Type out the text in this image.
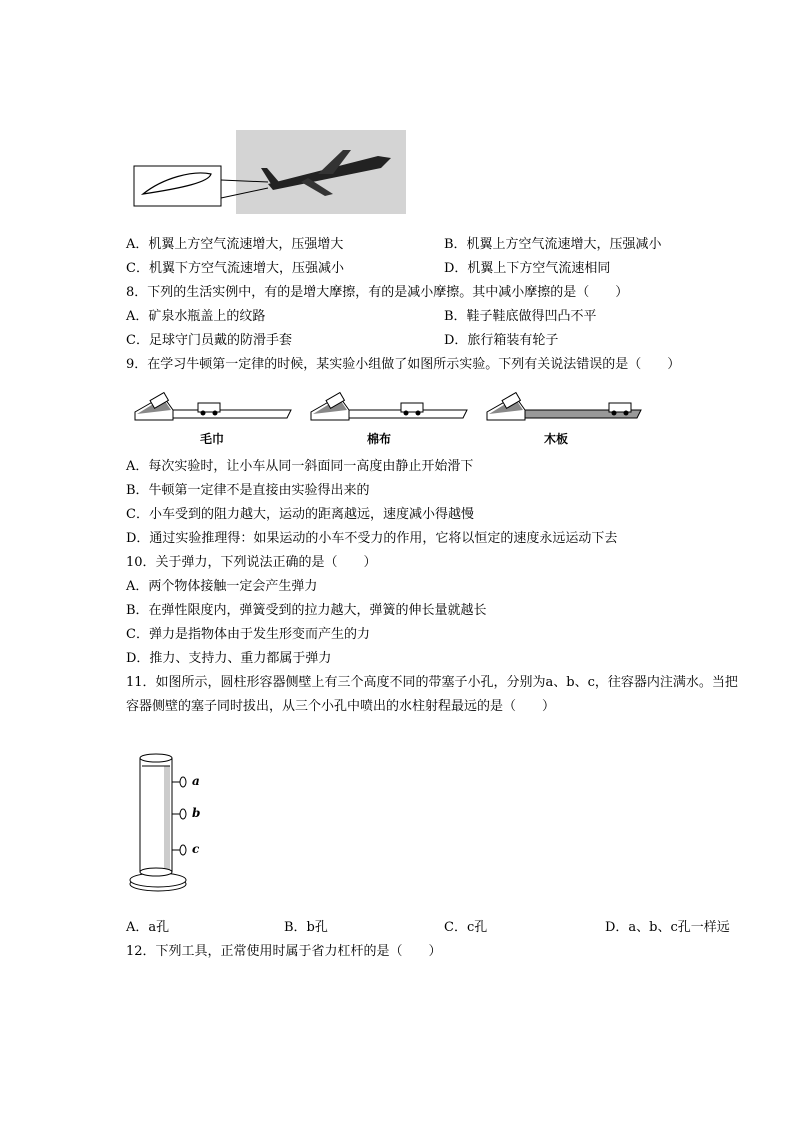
A．机翼上方空气流速增大，压强增大	B．机翼上方空气流速增大，压强减小
C．机翼下方空气流速增大，压强减小	D．机翼上下方空气流速相同
8．下列的生活实例中，有的是增大摩擦，有的是减小摩擦。其中减小摩擦的是（　　）
A．矿泉水瓶盖上的纹路	B．鞋子鞋底做得凹凸不平
C．足球守门员戴的防滑手套	D．旅行箱装有轮子
9．在学习牛顿第一定律的时候，某实验小组做了如图所示实验。下列有关说法错误的是（　　）
毛巾	棉布	木板
A．每次实验时，让小车从同一斜面同一高度由静止开始滑下
B．牛顿第一定律不是直接由实验得出来的
C．小车受到的阻力越大，运动的距离越远，速度减小得越慢
D．通过实验推理得：如果运动的小车不受力的作用，它将以恒定的速度永远运动下去
10．关于弹力，下列说法正确的是（　　）
A．两个物体接触一定会产生弹力
B．在弹性限度内，弹簧受到的拉力越大，弹簧的伸长量就越长
C．弹力是指物体由于发生形变而产生的力
D．推力、支持力、重力都属于弹力
11．如图所示，圆柱形容器侧壁上有三个高度不同的带塞子小孔，分别为a、b、c，往容器内注满水。当把
容器侧壁的塞子同时拔出，从三个小孔中喷出的水柱射程最远的是（　　）
a
b
c
A．a孔	B．b孔	C．c孔	D．a、b、c孔一样远
12．下列工具，正常使用时属于省力杠杆的是（　　）
